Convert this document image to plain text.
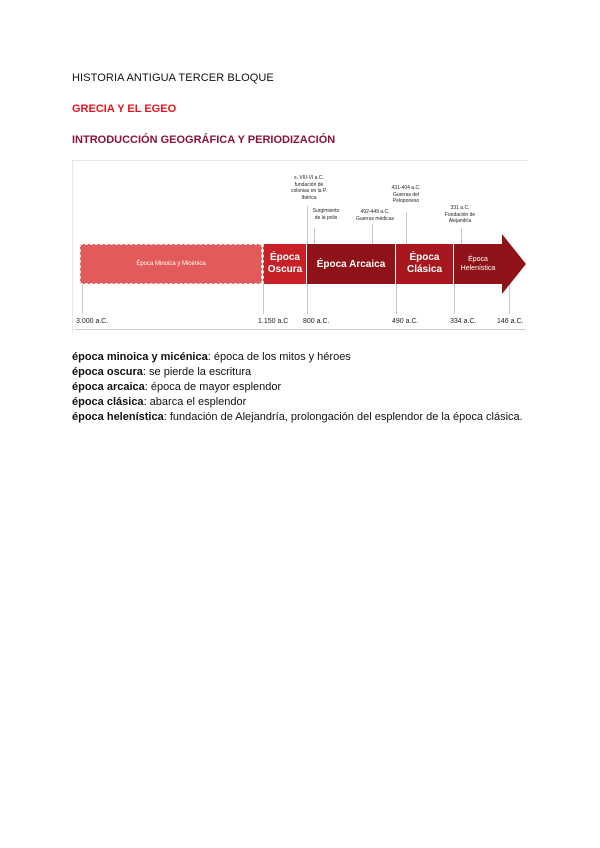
HISTORIA ANTIGUA TERCER BLOQUE
GRECIA Y EL EGEO
INTRODUCCIÓN GEOGRÁFICA Y PERIODIZACIÓN
Época Minoica y Micénica
Época
Oscura Época Arcaica
Época
Clásica
Época
Helenística
3.000 a.C.	1.150 a.C 800 a.C.	490 a.C.	334 a.C.	146 a.C.
s. VIII-VI a.C.
fundación de
colonias en la P.
Ibérica
Surgimiento
de la polis
492-449 a.C.
Guerras médicas
431-404 a.C.
Guerras del
Peloponeso
331 a.C.
Fundación de
Alejandría
época minoica y micénica: época de los mitos y héroes
época oscura: se pierde la escritura
época arcaica: época de mayor esplendor
época clásica: abarca el esplendor
época helenística: fundación de Alejandría, prolongación del esplendor de la época clásica.
